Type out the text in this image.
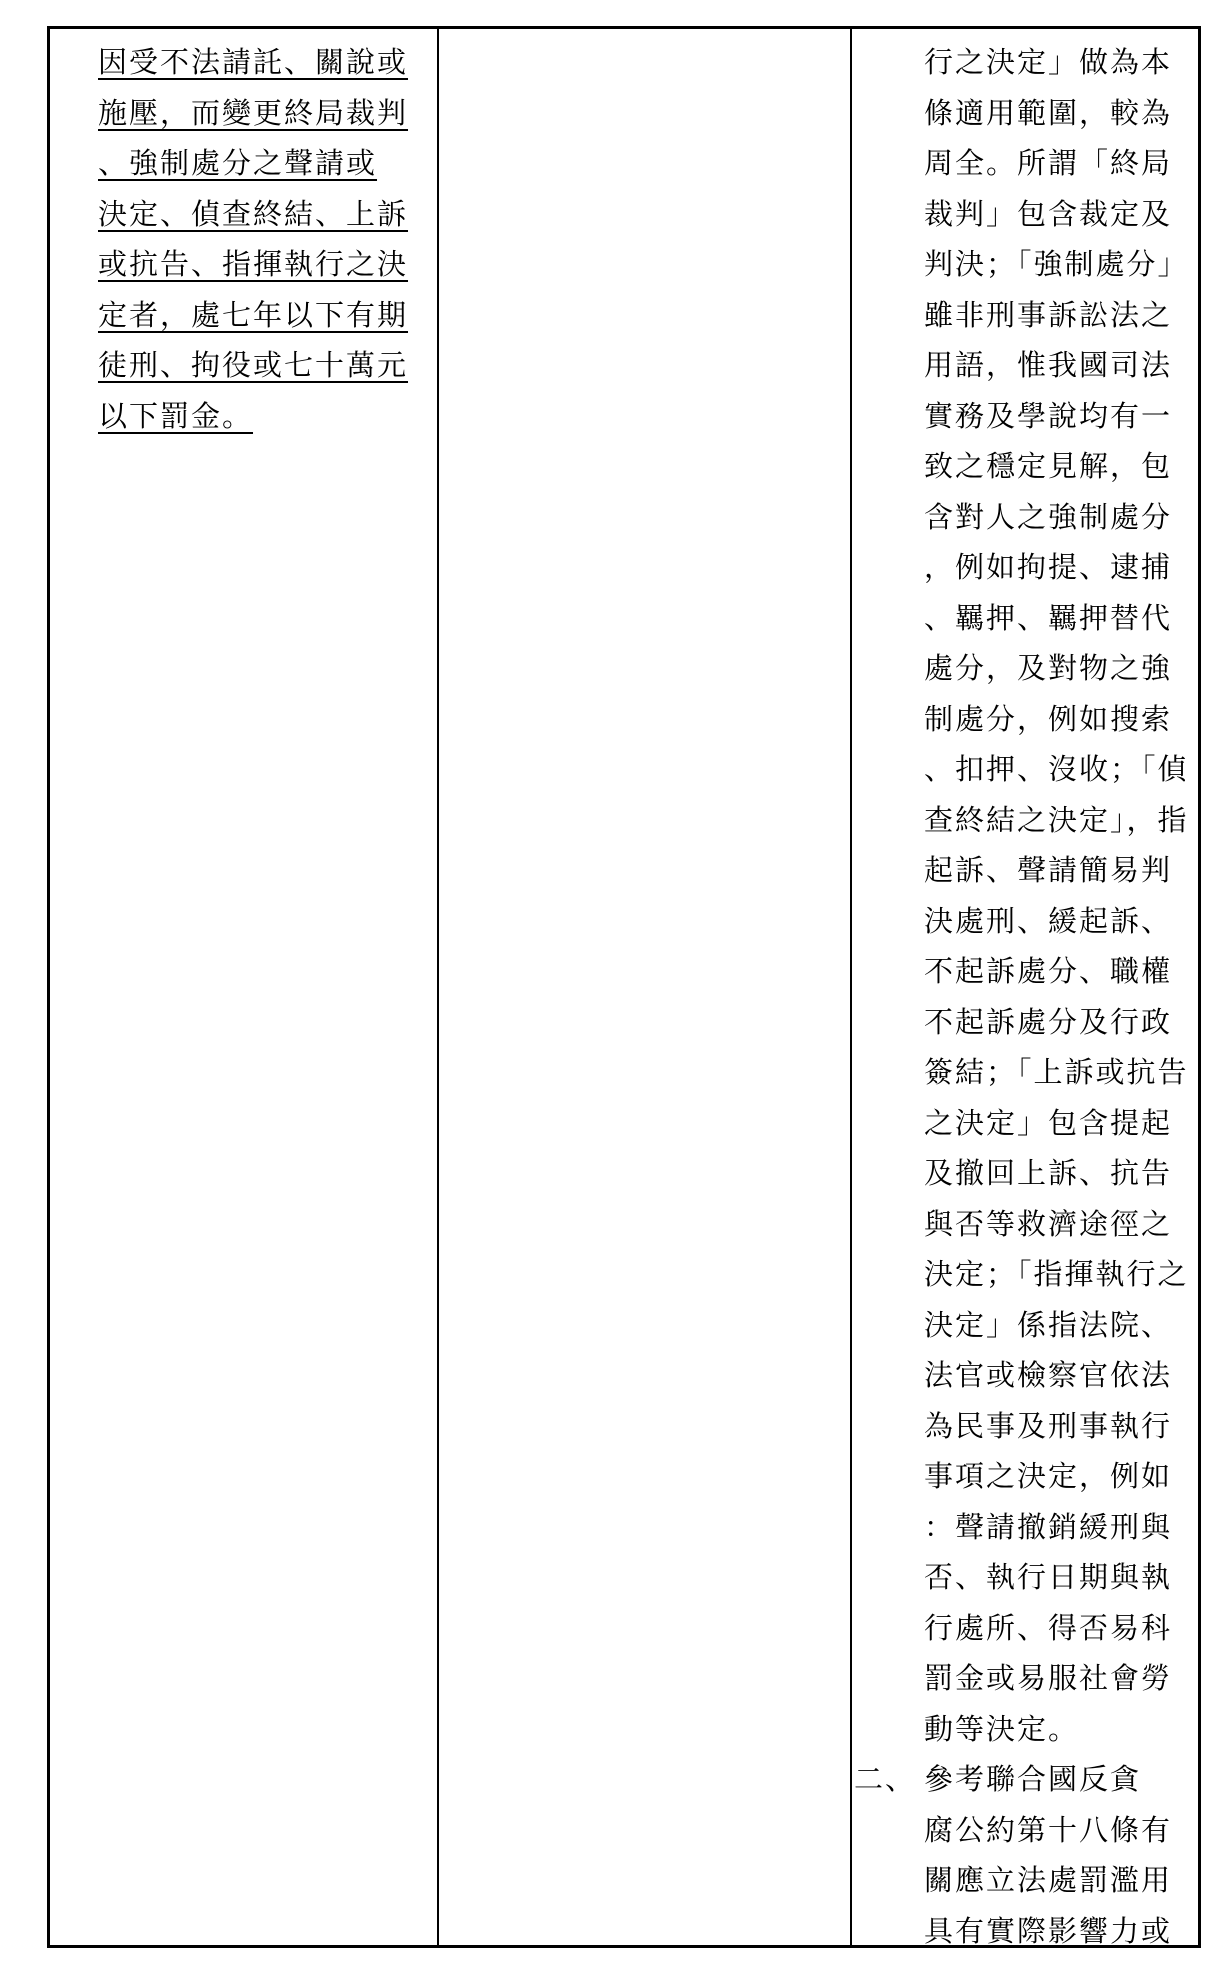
因受不法請託、關說或
施壓，而變更終局裁判
、強制處分之聲請或
決定、偵查終結、上訴
或抗告、指揮執行之決
定者，處七年以下有期
徒刑、拘役或七十萬元
以下罰金。
行之決定」做為本
條適用範圍，較為
周全。所謂「終局
裁判」包含裁定及
判決；「強制處分」
雖非刑事訴訟法之
用語，惟我國司法
實務及學說均有一
致之穩定見解，包
含對人之強制處分
，例如拘提、逮捕
、羈押、羈押替代
處分，及對物之強
制處分，例如搜索
、扣押、沒收；「偵
查終結之決定」，指
起訴、聲請簡易判
決處刑、緩起訴、
不起訴處分、職權
不起訴處分及行政
簽結；「上訴或抗告
之決定」包含提起
及撤回上訴、抗告
與否等救濟途徑之
決定；「指揮執行之
決定」係指法院、
法官或檢察官依法
為民事及刑事執行
事項之決定，例如
：聲請撤銷緩刑與
否、執行日期與執
行處所、得否易科
罰金或易服社會勞
動等決定。
參考聯合國反貪
腐公約第十八條有
關應立法處罰濫用
具有實際影響力或
二、
